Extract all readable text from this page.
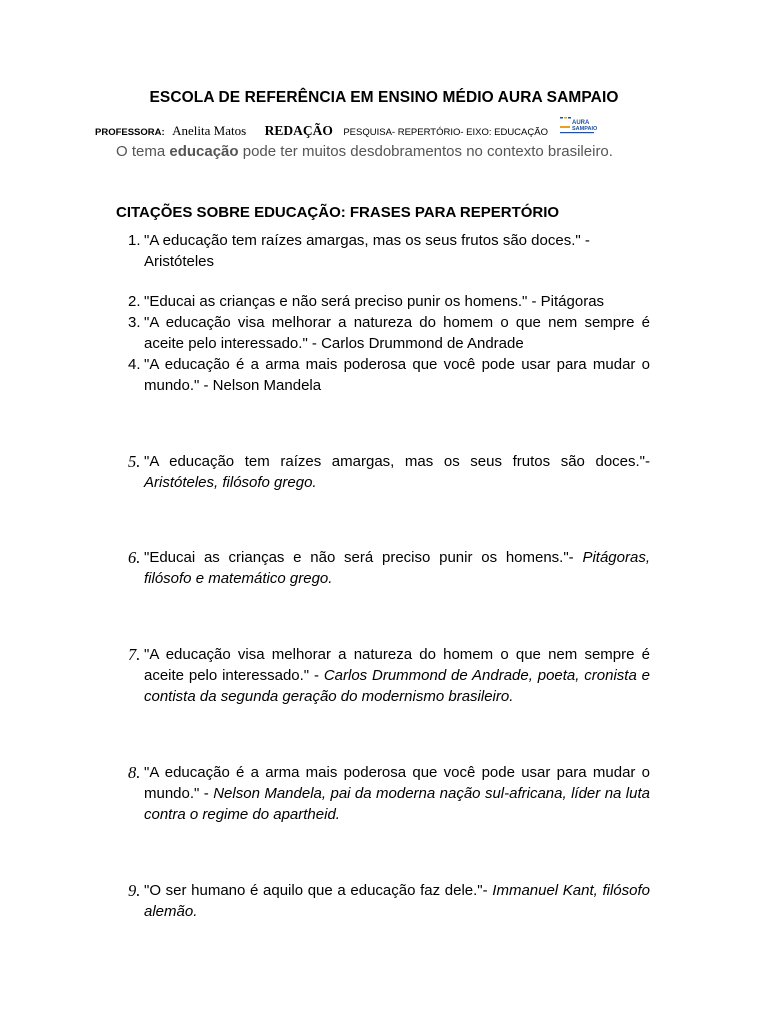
ESCOLA DE REFERÊNCIA EM ENSINO MÉDIO AURA SAMPAIO
PROFESSORA: Anelita Matos REDAÇÃO PESQUISA- REPERTÓRIO- EIXO: EDUCAÇÃO
AURA
SAMPAIO
O tema educação pode ter muitos desdobramentos no contexto brasileiro.
CITAÇÕES SOBRE EDUCAÇÃO: FRASES PARA REPERTÓRIO
1. "A educação tem raízes amargas, mas os seus frutos são doces." -
Aristóteles
2. "Educai as crianças e não será preciso punir os homens." - Pitágoras
3. "A educação visa melhorar a natureza do homem o que nem sempre é aceite pelo interessado." - Carlos Drummond de Andrade
4. "A educação é a arma mais poderosa que você pode usar para mudar o mundo." - Nelson Mandela
5. "A educação tem raízes amargas, mas os seus frutos são doces."- Aristóteles, filósofo grego.
6. "Educai as crianças e não será preciso punir os homens."- Pitágoras, filósofo e matemático grego.
7. "A educação visa melhorar a natureza do homem o que nem sempre é aceite pelo interessado." - Carlos Drummond de Andrade, poeta, cronista e contista da segunda geração do modernismo brasileiro.
8. "A educação é a arma mais poderosa que você pode usar para mudar o mundo." - Nelson Mandela, pai da moderna nação sul-africana, líder na luta contra o regime do apartheid.
9. "O ser humano é aquilo que a educação faz dele."- Immanuel Kant, filósofo alemão.
